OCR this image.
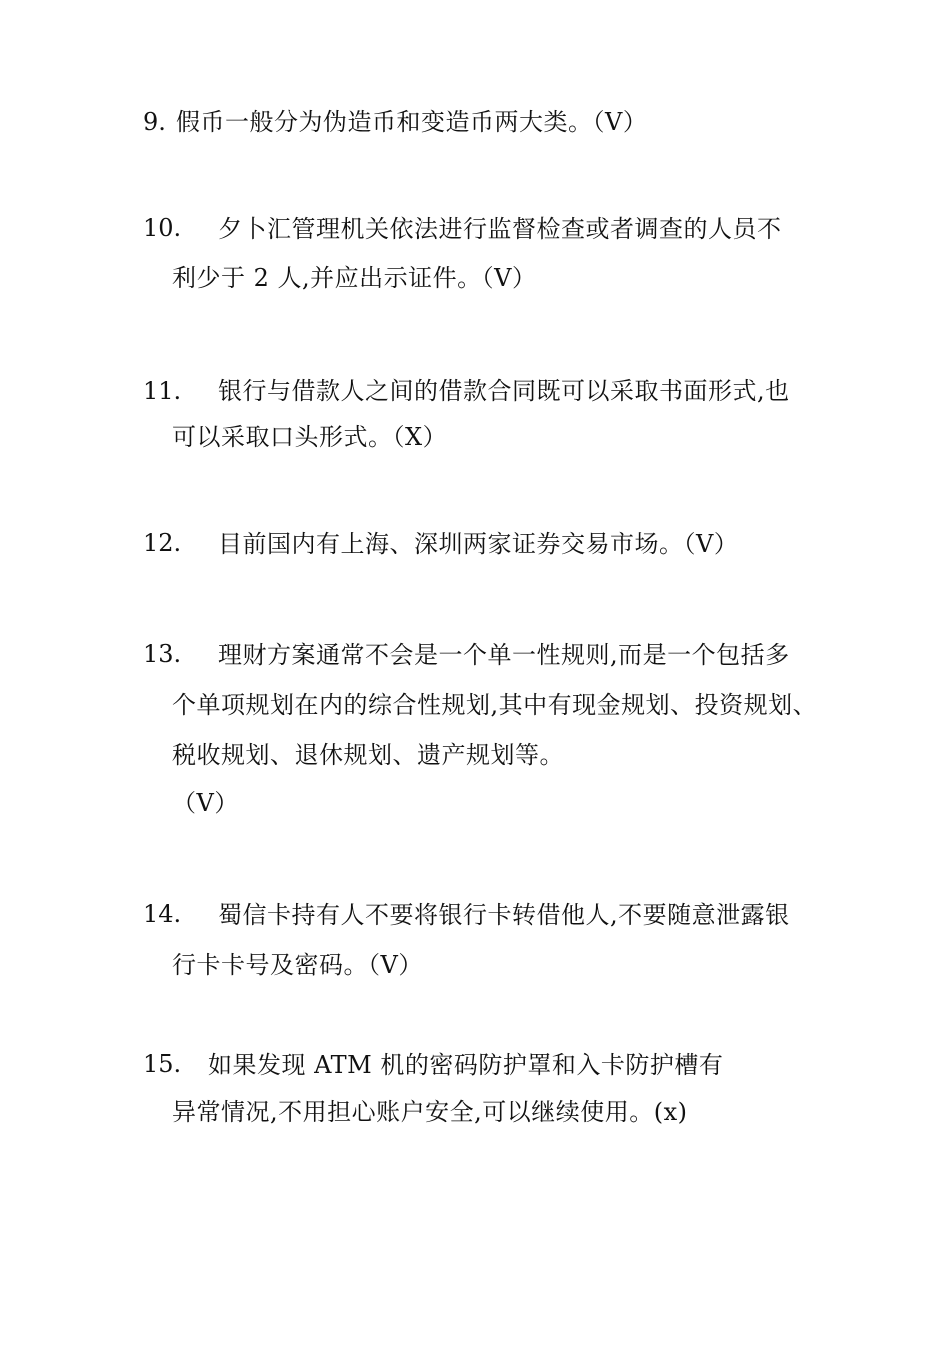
9. 假币一般分为伪造币和变造币两大类。（V）
10. 夕卜汇管理机关依法进行监督检查或者调查的人员不
利少于 2 人,并应出示证件。（V）
11. 银行与借款人之间的借款合同既可以采取书面形式,也
可以采取口头形式。（X）
12. 目前国内有上海、深圳两家证券交易市场。（V）
13. 理财方案通常不会是一个单一性规则,而是一个包括多
个单项规划在内的综合性规划,其中有现金规划、投资规划、
税收规划、退休规划、遗产规划等。
（V）
14. 蜀信卡持有人不要将银行卡转借他人,不要随意泄露银
行卡卡号及密码。（V）
15. 如果发现 ATM 机的密码防护罩和入卡防护槽有
异常情况,不用担心账户安全,可以继续使用。(x)
